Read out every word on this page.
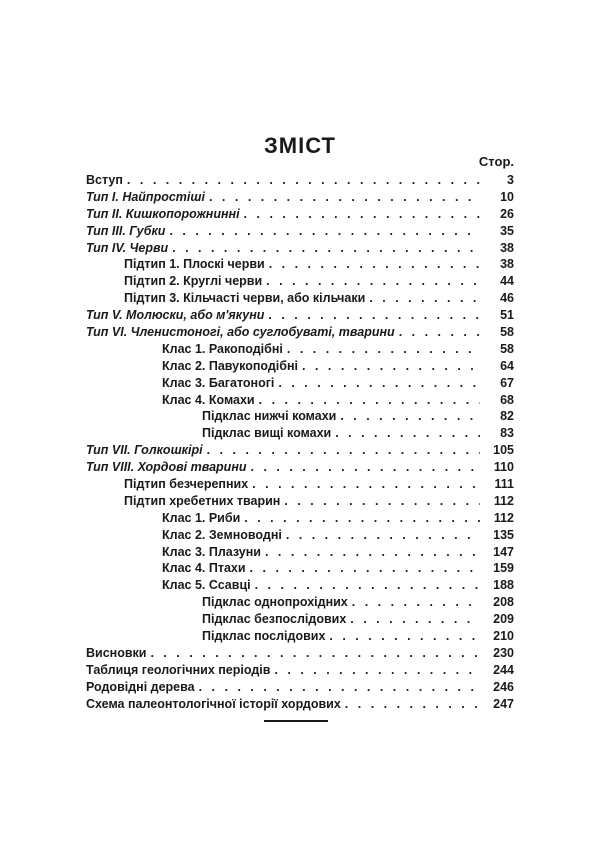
ЗМІСТ
Стор.
Вступ . . .	3
Тип І. Найпростіші . . .	10
Тип II. Кишкопорожнинні . . .	26
Тип III. Губки . . .	35
Тип IV. Черви . . .	38
Підтип 1. Плоскі черви . . .	38
Підтип 2. Круглі черви . . .	44
Підтип 3. Кільчасті черви, або кільчаки . . .	46
Тип V. Молюски, або м'якуни . . .	51
Тип VI. Членистоногі, або суглобуваті, тварини . . .	58
Клас 1. Ракоподібні . . .	58
Клас 2. Павукоподібні . . .	64
Клас 3. Багатоногі . . .	67
Клас 4. Комахи . . .	68
Підклас нижчі комахи . . .	82
Підклас вищі комахи . . .	83
Тип VII. Голкошкірі . . .	105
Тип VIII. Хордові тварини . . .	110
Підтип безчерепних . . .	111
Підтип хребетних тварин . . .	112
Клас 1. Риби . . .	112
Клас 2. Земноводні . . .	135
Клас 3. Плазуни . . .	147
Клас 4. Птахи . . .	159
Клас 5. Ссавці . . .	188
Підклас однопрохідних . . .	208
Підклас безпослідових . . .	209
Підклас послідових . . .	210
Висновки . . .	230
Таблиця геологічних періодів . . .	244
Родовідні дерева . . .	246
Схема палеонтологічної історії хордових . . .	247
